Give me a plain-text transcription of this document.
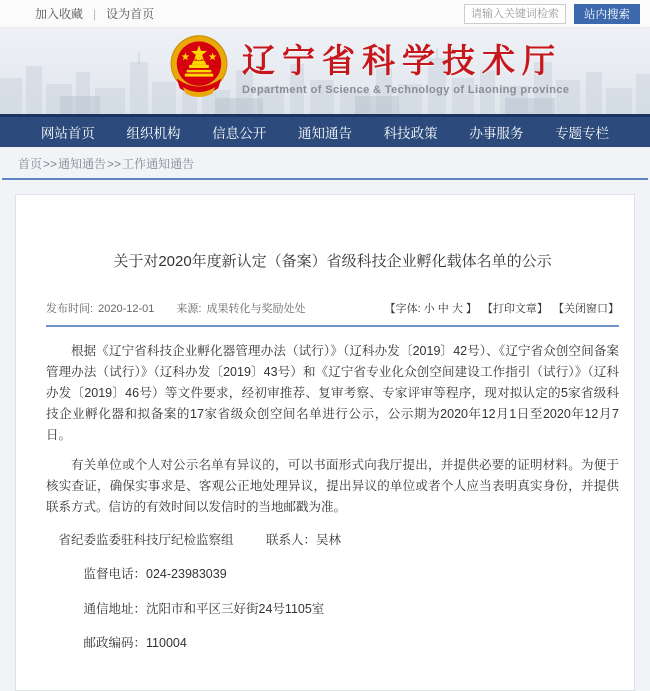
加入收藏 | 设为首页
请输入关键词检索	站内搜索
辽宁省科学技术厅
Department of Science & Technology of Liaoning province
网站首页 组织机构 信息公开 通知通告 科技政策 办事服务 专题专栏
首页 >> 通知通告 >> 工作通知通告
关于对2020年度新认定（备案）省级科技企业孵化载体名单的公示
发布时间: 2020-12-01 来源: 成果转化与奖励处处	【字体: 小 中 大 】 【打印文章】 【关闭窗口】

根据《辽宁省科技企业孵化器管理办法（试行）》（辽科办发〔2019〕42号）、《辽宁省众创空间备案管理办法（试行）》（辽科办发〔2019〕43号）和《辽宁省专业化众创空间建设工作指引（试行）》（辽科办发〔2019〕46号）等文件要求，经初审推荐、复审考察、专家评审等程序，现对拟认定的5家省级科技企业孵化器和拟备案的17家省级众创空间名单进行公示，公示期为2020年12月1日至2020年12月7日。

有关单位或个人对公示名单有异议的，可以书面形式向我厅提出，并提供必要的证明材料。为便于核实查证，确保实事求是、客观公正地处理异议，提出异议的单位或者个人应当表明真实身份，并提供联系方式。信访的有效时间以发信时的当地邮戳为准。

省纪委监委驻科技厅纪检监察组	联系人：吴林

监督电话：024-23983039

通信地址：沈阳市和平区三好街24号1105室

邮政编码：110004
